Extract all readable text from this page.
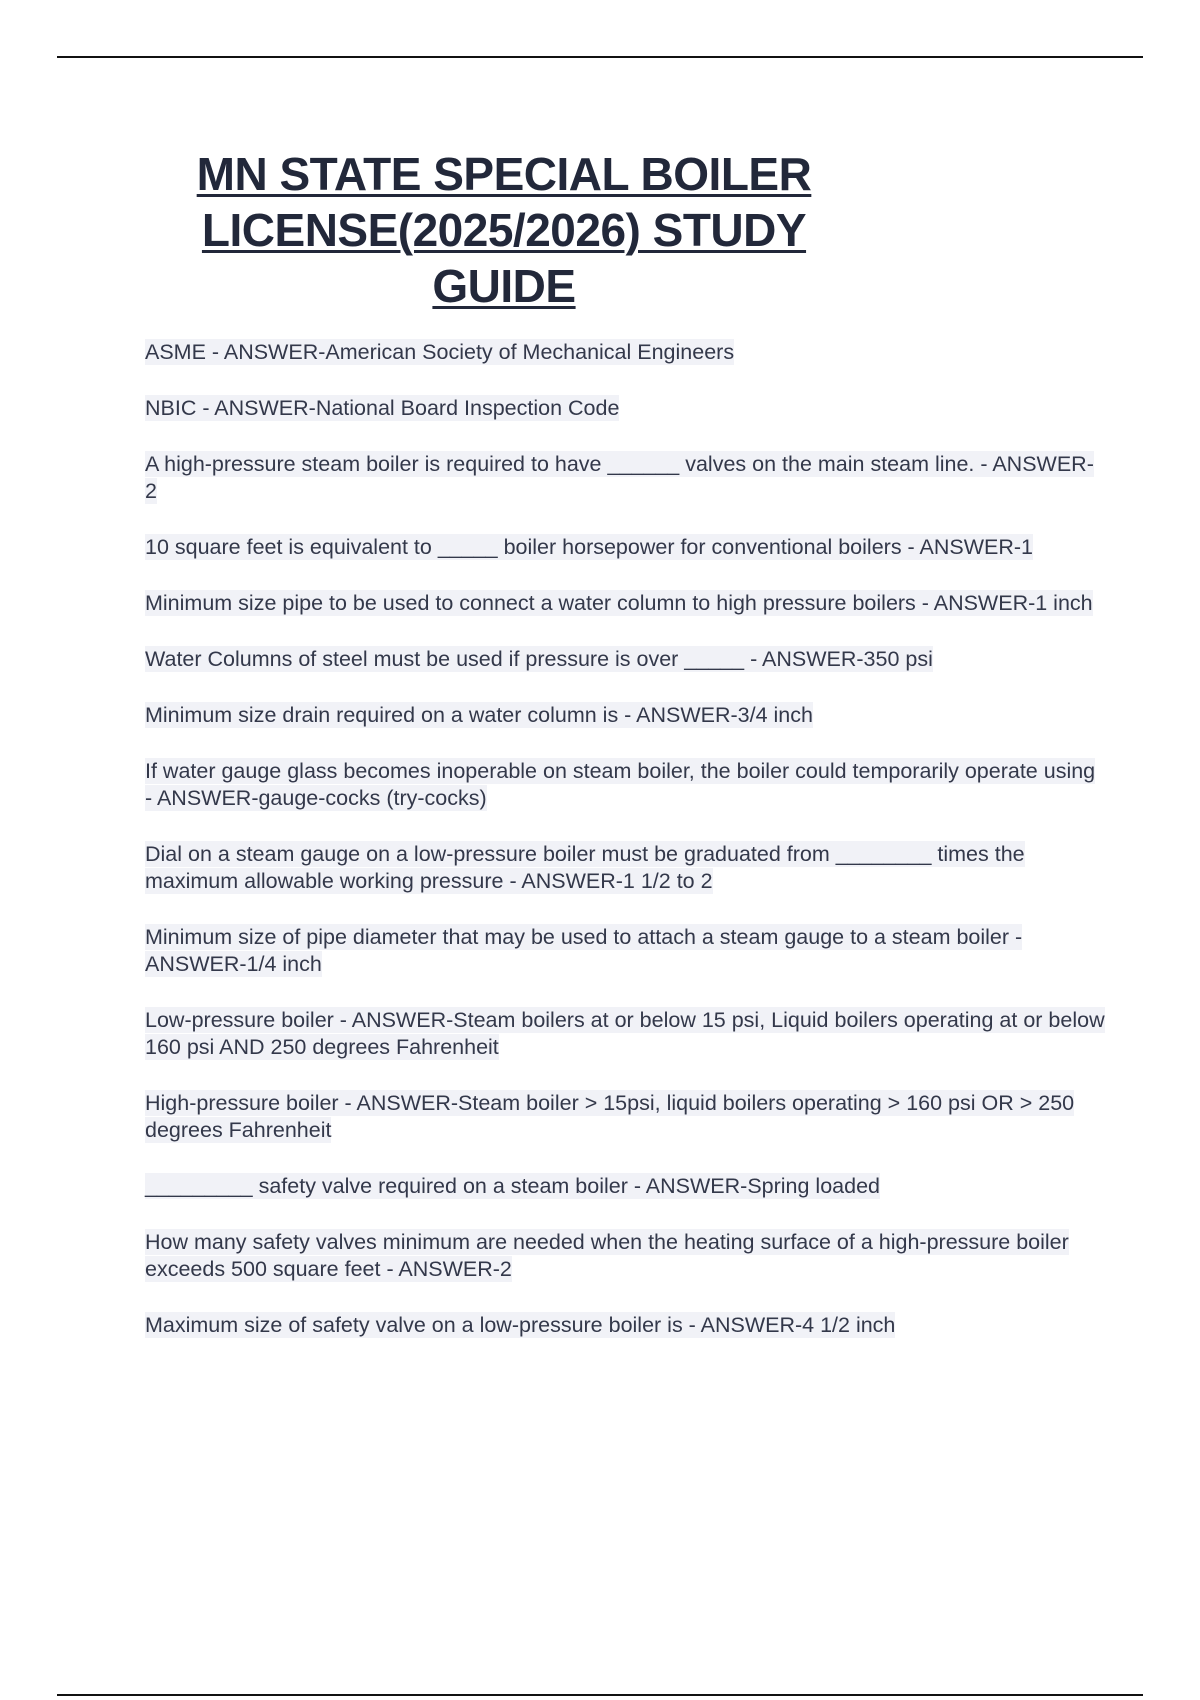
MN STATE SPECIAL BOILER
LICENSE(2025/2026) STUDY
GUIDE

ASME - ANSWER-American Society of Mechanical Engineers

NBIC - ANSWER-National Board Inspection Code

A high-pressure steam boiler is required to have ______ valves on the main steam line. - ANSWER-2

10 square feet is equivalent to _____ boiler horsepower for conventional boilers - ANSWER-1

Minimum size pipe to be used to connect a water column to high pressure boilers - ANSWER-1 inch

Water Columns of steel must be used if pressure is over _____ - ANSWER-350 psi

Minimum size drain required on a water column is - ANSWER-3/4 inch

If water gauge glass becomes inoperable on steam boiler, the boiler could temporarily operate using - ANSWER-gauge-cocks (try-cocks)

Dial on a steam gauge on a low-pressure boiler must be graduated from ________ times the maximum allowable working pressure - ANSWER-1 1/2 to 2

Minimum size of pipe diameter that may be used to attach a steam gauge to a steam boiler - ANSWER-1/4 inch

Low-pressure boiler - ANSWER-Steam boilers at or below 15 psi, Liquid boilers operating at or below 160 psi AND 250 degrees Fahrenheit

High-pressure boiler - ANSWER-Steam boiler > 15psi, liquid boilers operating > 160 psi OR > 250 degrees Fahrenheit

_________ safety valve required on a steam boiler - ANSWER-Spring loaded

How many safety valves minimum are needed when the heating surface of a high-pressure boiler exceeds 500 square feet - ANSWER-2

Maximum size of safety valve on a low-pressure boiler is - ANSWER-4 1/2 inch
